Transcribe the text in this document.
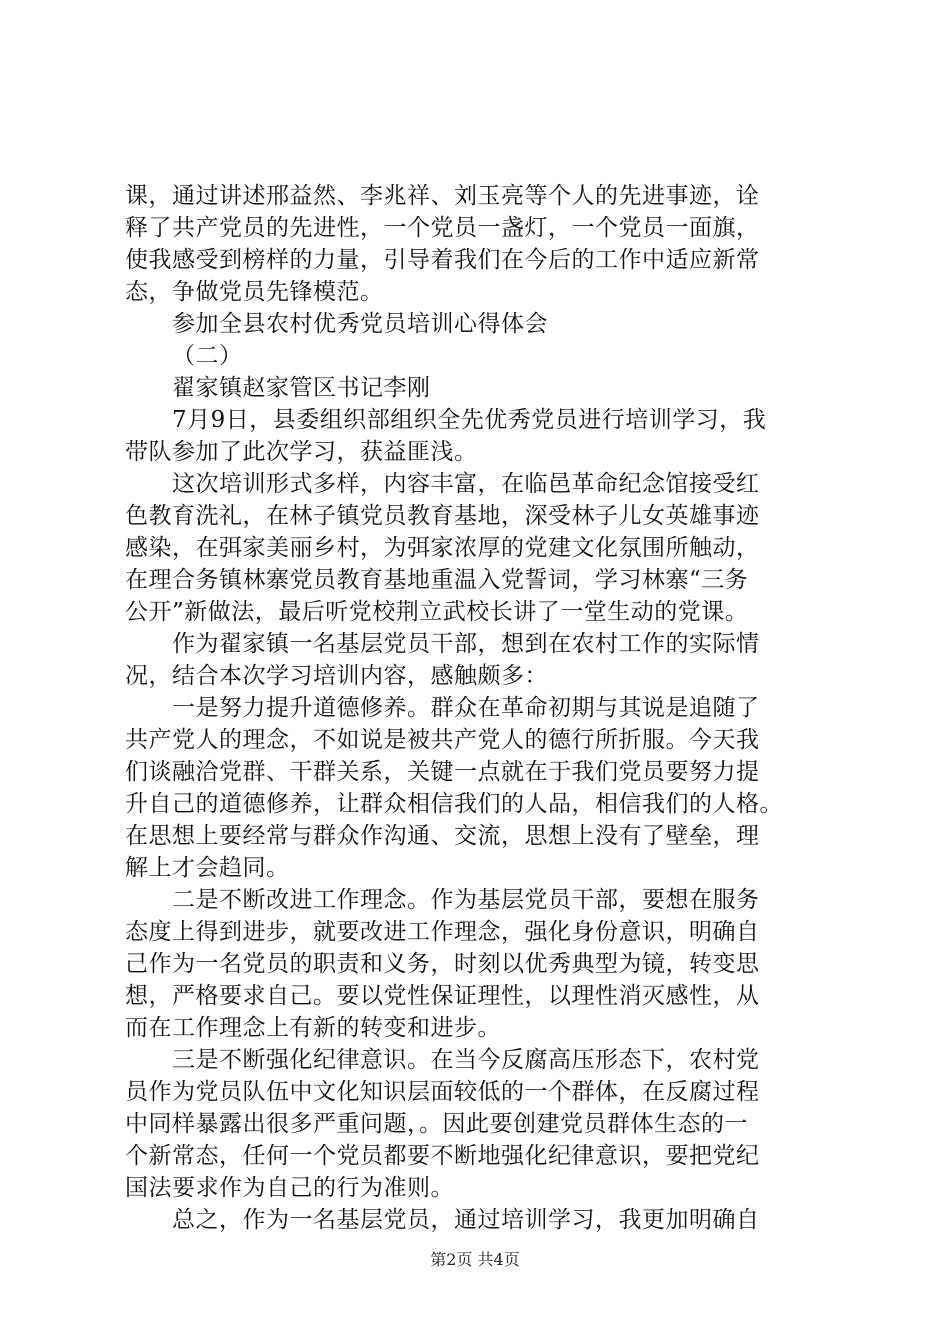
课，通过讲述邢益然、李兆祥、刘玉亮等个人的先进事迹，诠
释了共产党员的先进性，一个党员一盏灯，一个党员一面旗，
使我感受到榜样的力量，引导着我们在今后的工作中适应新常
态，争做党员先锋模范。
参加全县农村优秀党员培训心得体会
（二）
翟家镇赵家管区书记李刚
7月9日，县委组织部组织全先优秀党员进行培训学习，我
带队参加了此次学习，获益匪浅。
这次培训形式多样，内容丰富，在临邑革命纪念馆接受红
色教育洗礼，在林子镇党员教育基地，深受林子儿女英雄事迹
感染，在弭家美丽乡村，为弭家浓厚的党建文化氛围所触动，
在理合务镇林寨党员教育基地重温入党誓词，学习林寨“三务
公开”新做法，最后听党校荆立武校长讲了一堂生动的党课。
作为翟家镇一名基层党员干部，想到在农村工作的实际情
况，结合本次学习培训内容，感触颇多：
一是努力提升道德修养。群众在革命初期与其说是追随了
共产党人的理念，不如说是被共产党人的德行所折服。今天我
们谈融洽党群、干群关系，关键一点就在于我们党员要努力提
升自己的道德修养，让群众相信我们的人品，相信我们的人格。
在思想上要经常与群众作沟通、交流，思想上没有了壁垒，理
解上才会趋同。
二是不断改进工作理念。作为基层党员干部，要想在服务
态度上得到进步，就要改进工作理念，强化身份意识，明确自
己作为一名党员的职责和义务，时刻以优秀典型为镜，转变思
想，严格要求自己。要以党性保证理性，以理性消灭感性，从
而在工作理念上有新的转变和进步。
三是不断强化纪律意识。在当今反腐高压形态下，农村党
员作为党员队伍中文化知识层面较低的一个群体，在反腐过程
中同样暴露出很多严重问题，。因此要创建党员群体生态的一
个新常态，任何一个党员都要不断地强化纪律意识，要把党纪
国法要求作为自己的行为准则。
总之，作为一名基层党员，通过培训学习，我更加明确自
第2页 共4页
